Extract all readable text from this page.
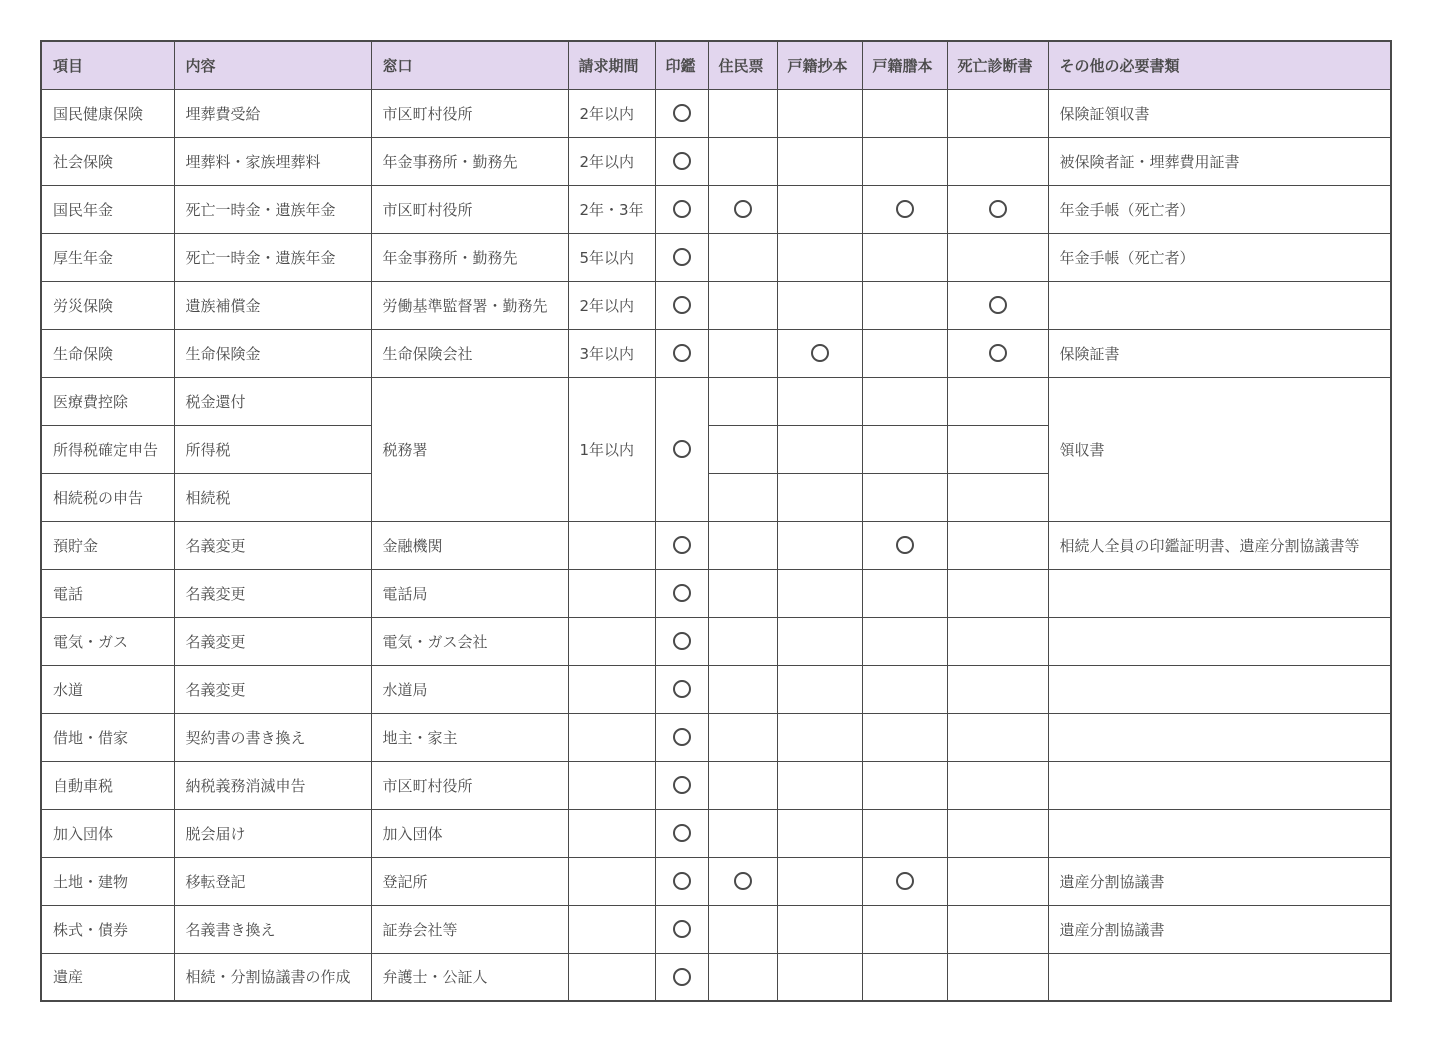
項目	内容	窓口	請求期間	印鑑	住民票	戸籍抄本	戸籍謄本	死亡診断書	その他の必要書類
国民健康保険	埋葬費受給	市区町村役所	2年以内						保険証領収書
社会保険	埋葬料・家族埋葬料	年金事務所・勤務先	2年以内						被保険者証・埋葬費用証書
国民年金	死亡一時金・遺族年金	市区町村役所	2年・3年						年金手帳（死亡者）
厚生年金	死亡一時金・遺族年金	年金事務所・勤務先	5年以内						年金手帳（死亡者）
労災保険	遺族補償金	労働基準監督署・勤務先	2年以内						
生命保険	生命保険金	生命保険会社	3年以内						保険証書
医療費控除	税金還付	税務署	1年以内						領収書
所得税確定申告	所得税								
相続税の申告	相続税								
預貯金	名義変更	金融機関							相続人全員の印鑑証明書、遺産分割協議書等
電話	名義変更	電話局							
電気・ガス	名義変更	電気・ガス会社							
水道	名義変更	水道局							
借地・借家	契約書の書き換え	地主・家主							
自動車税	納税義務消滅申告	市区町村役所							
加入団体	脱会届け	加入団体							
土地・建物	移転登記	登記所							遺産分割協議書
株式・債券	名義書き換え	証券会社等							遺産分割協議書
遺産	相続・分割協議書の作成	弁護士・公証人							
